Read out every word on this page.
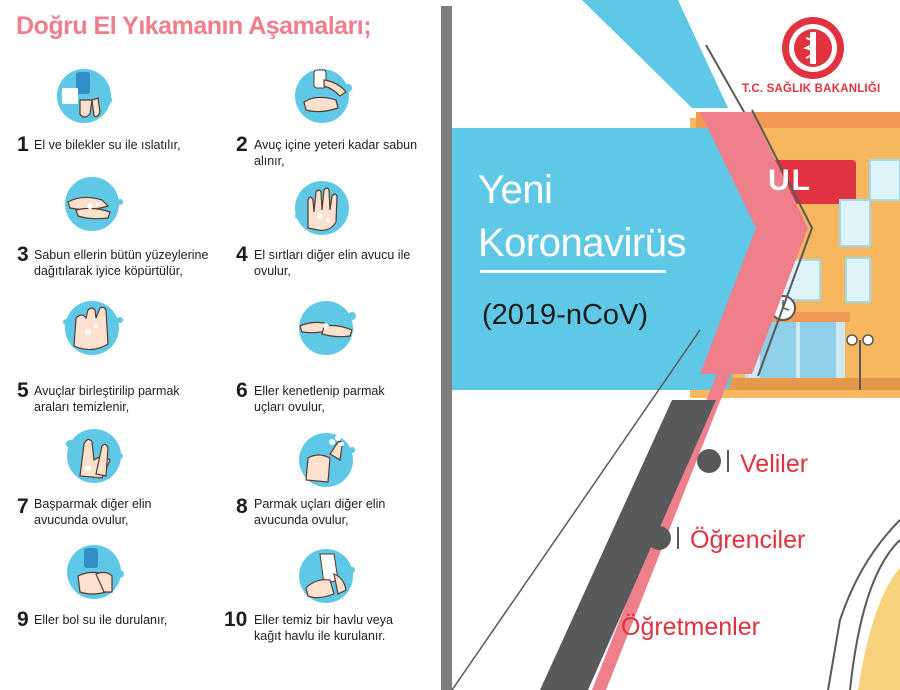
Doğru El Yıkamanın Aşamaları;
1 El ve bilekler su ile ıslatılır,	2 Avuç içine yeteri kadar sabun alınır,
3 Sabun ellerin bütün yüzeylerine dağıtılarak iyice köpürtülür,
4 El sırtları diğer elin avucu ile ovulur,
5 Avuçlar birleştirilip parmak araları temizlenir,
6 Eller kenetlenip parmak uçları ovulur,
7 Başparmak diğer elin avucunda ovulur,
8 Parmak uçları diğer elin avucunda ovulur,
9 Eller bol su ile durulanır,	10 Eller temiz bir havlu veya kağıt havlu ile kurulanır.
T.C. SAĞLIK BAKANLIĞI
Yeni
Koronavirüs
(2019-nCoV)
UL
Veliler
Öğrenciler
Öğretmenler
